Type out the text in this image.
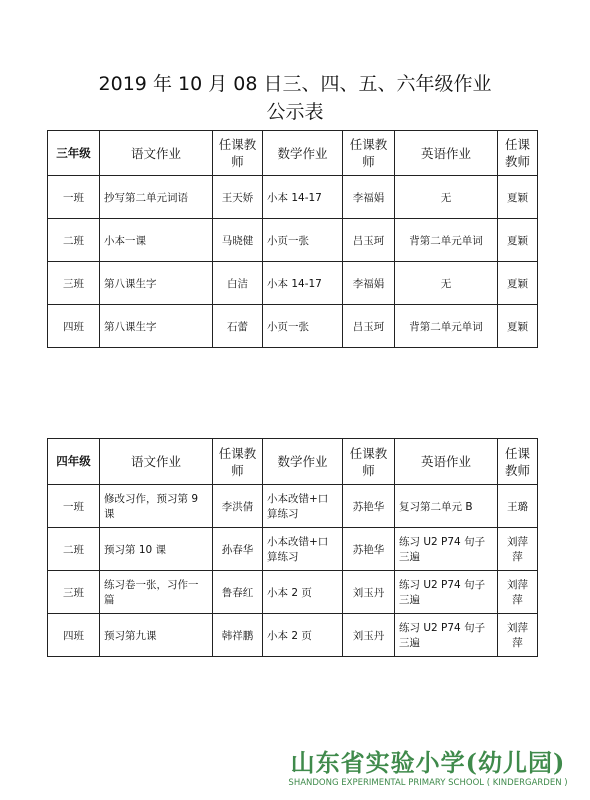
2019 年 10 月 08 日三、四、五、六年级作业
公示表
三年级	语文作业	任课教师	数学作业	任课教师	英语作业	任课教师
一班	抄写第二单元词语	王天娇	小本 14-17	李福娟	无	夏颖
二班	小本一课	马晓健	小页一张	吕玉珂	背第二单元单词	夏颖
三班	第八课生字	白洁	小本 14-17	李福娟	无	夏颖
四班	第八课生字	石蕾	小页一张	吕玉珂	背第二单元单词	夏颖
四年级	语文作业	任课教师	数学作业	任课教师	英语作业	任课教师
一班	修改习作，预习第 9 课	李洪倩	小本改错+口算练习	苏艳华	复习第二单元 B	王璐
二班	预习第 10 课	孙春华	小本改错+口算练习	苏艳华	练习 U2 P74 句子三遍	刘萍萍
三班	练习卷一张，习作一篇	鲁春红	小本 2 页	刘玉丹	练习 U2 P74 句子三遍	刘萍萍
四班	预习第九课	韩祥鹏	小本 2 页	刘玉丹	练习 U2 P74 句子三遍	刘萍萍
山东省实验小学(幼儿园)
SHANDONG EXPERIMENTAL PRIMARY SCHOOL ( KINDERGARDEN )
